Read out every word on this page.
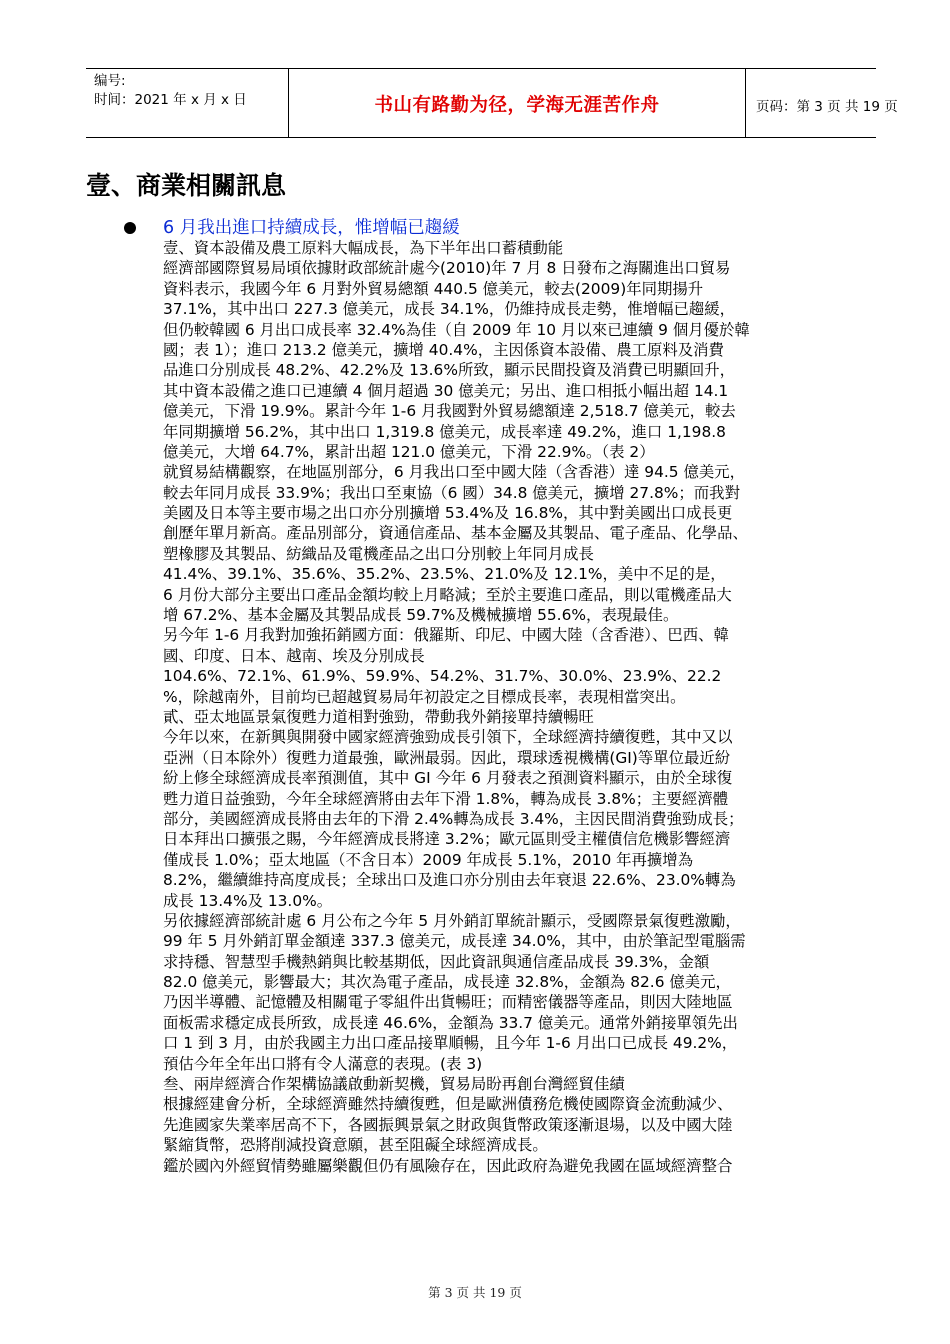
编号:
时间：2021 年 x 月 x 日	书山有路勤为径，学海无涯苦作舟	页码：第 3 页 共 19 页
壹、商業相關訊息
6 月我出進口持續成長，惟增幅已趨緩
壹、資本設備及農工原料大幅成長，為下半年出口蓄積動能
經濟部國際貿易局頃依據財政部統計處今(2010)年 7 月 8 日發布之海關進出口貿易
資料表示，我國今年 6 月對外貿易總額 440.5 億美元，較去(2009)年同期揚升
37.1%，其中出口 227.3 億美元，成長 34.1%，仍維持成長走勢，惟增幅已趨緩，
但仍較韓國 6 月出口成長率 32.4%為佳（自 2009 年 10 月以來已連續 9 個月優於韓
國；表 1）；進口 213.2 億美元，擴增 40.4%，主因係資本設備、農工原料及消費
品進口分別成長 48.2%、42.2%及 13.6%所致，顯示民間投資及消費已明顯回升，
其中資本設備之進口已連續 4 個月超過 30 億美元；另出、進口相抵小幅出超 14.1
億美元，下滑 19.9%。累計今年 1-6 月我國對外貿易總額達 2,518.7 億美元，較去
年同期擴增 56.2%，其中出口 1,319.8 億美元，成長率達 49.2%，進口 1,198.8
億美元，大增 64.7%，累計出超 121.0 億美元，下滑 22.9%。（表 2）
就貿易結構觀察，在地區別部分，6 月我出口至中國大陸（含香港）達 94.5 億美元，
較去年同月成長 33.9%；我出口至東協（6 國）34.8 億美元，擴增 27.8%；而我對
美國及日本等主要市場之出口亦分別擴增 53.4%及 16.8%，其中對美國出口成長更
創歷年單月新高。產品別部分，資通信產品、基本金屬及其製品、電子產品、化學品、
塑橡膠及其製品、紡織品及電機產品之出口分別較上年同月成長
41.4%、39.1%、35.6%、35.2%、23.5%、21.0%及 12.1%，美中不足的是，
6 月份大部分主要出口產品金額均較上月略減；至於主要進口產品，則以電機產品大
增 67.2%、基本金屬及其製品成長 59.7%及機械擴增 55.6%，表現最佳。
另今年 1-6 月我對加強拓銷國方面：俄羅斯、印尼、中國大陸（含香港）、巴西、韓
國、印度、日本、越南、埃及分別成長
104.6%、72.1%、61.9%、59.9%、54.2%、31.7%、30.0%、23.9%、22.2
%，除越南外，目前均已超越貿易局年初設定之目標成長率，表現相當突出。
貳、亞太地區景氣復甦力道相對強勁，帶動我外銷接單持續暢旺
今年以來，在新興與開發中國家經濟強勁成長引領下，全球經濟持續復甦，其中又以
亞洲（日本除外）復甦力道最強，歐洲最弱。因此，環球透視機構(GI)等單位最近紛
紛上修全球經濟成長率預測值，其中 GI 今年 6 月發表之預測資料顯示，由於全球復
甦力道日益強勁，今年全球經濟將由去年下滑 1.8%，轉為成長 3.8%；主要經濟體
部分，美國經濟成長將由去年的下滑 2.4%轉為成長 3.4%，主因民間消費強勁成長；
日本拜出口擴張之賜，今年經濟成長將達 3.2%；歐元區則受主權債信危機影響經濟
僅成長 1.0%；亞太地區（不含日本）2009 年成長 5.1%，2010 年再擴增為
8.2%，繼續維持高度成長；全球出口及進口亦分別由去年衰退 22.6%、23.0%轉為
成長 13.4%及 13.0%。
另依據經濟部統計處 6 月公布之今年 5 月外銷訂單統計顯示，受國際景氣復甦激勵，
99 年 5 月外銷訂單金額達 337.3 億美元，成長達 34.0%，其中，由於筆記型電腦需
求持穩、智慧型手機熱銷與比較基期低，因此資訊與通信產品成長 39.3%，金額
82.0 億美元，影響最大；其次為電子產品，成長達 32.8%，金額為 82.6 億美元，
乃因半導體、記憶體及相關電子零組件出貨暢旺；而精密儀器等產品，則因大陸地區
面板需求穩定成長所致，成長達 46.6%，金額為 33.7 億美元。通常外銷接單領先出
口 1 到 3 月，由於我國主力出口產品接單順暢，且今年 1-6 月出口已成長 49.2%，
預估今年全年出口將有令人滿意的表現。(表 3)
叁、兩岸經濟合作架構協議啟動新契機，貿易局盼再創台灣經貿佳績
根據經建會分析，全球經濟雖然持續復甦，但是歐洲債務危機使國際資金流動減少、
先進國家失業率居高不下，各國振興景氣之財政與貨幣政策逐漸退場，以及中國大陸
緊縮貨幣，恐將削減投資意願，甚至阻礙全球經濟成長。
鑑於國內外經貿情勢雖屬樂觀但仍有風險存在，因此政府為避免我國在區域經濟整合
第 3 页 共 19 页
